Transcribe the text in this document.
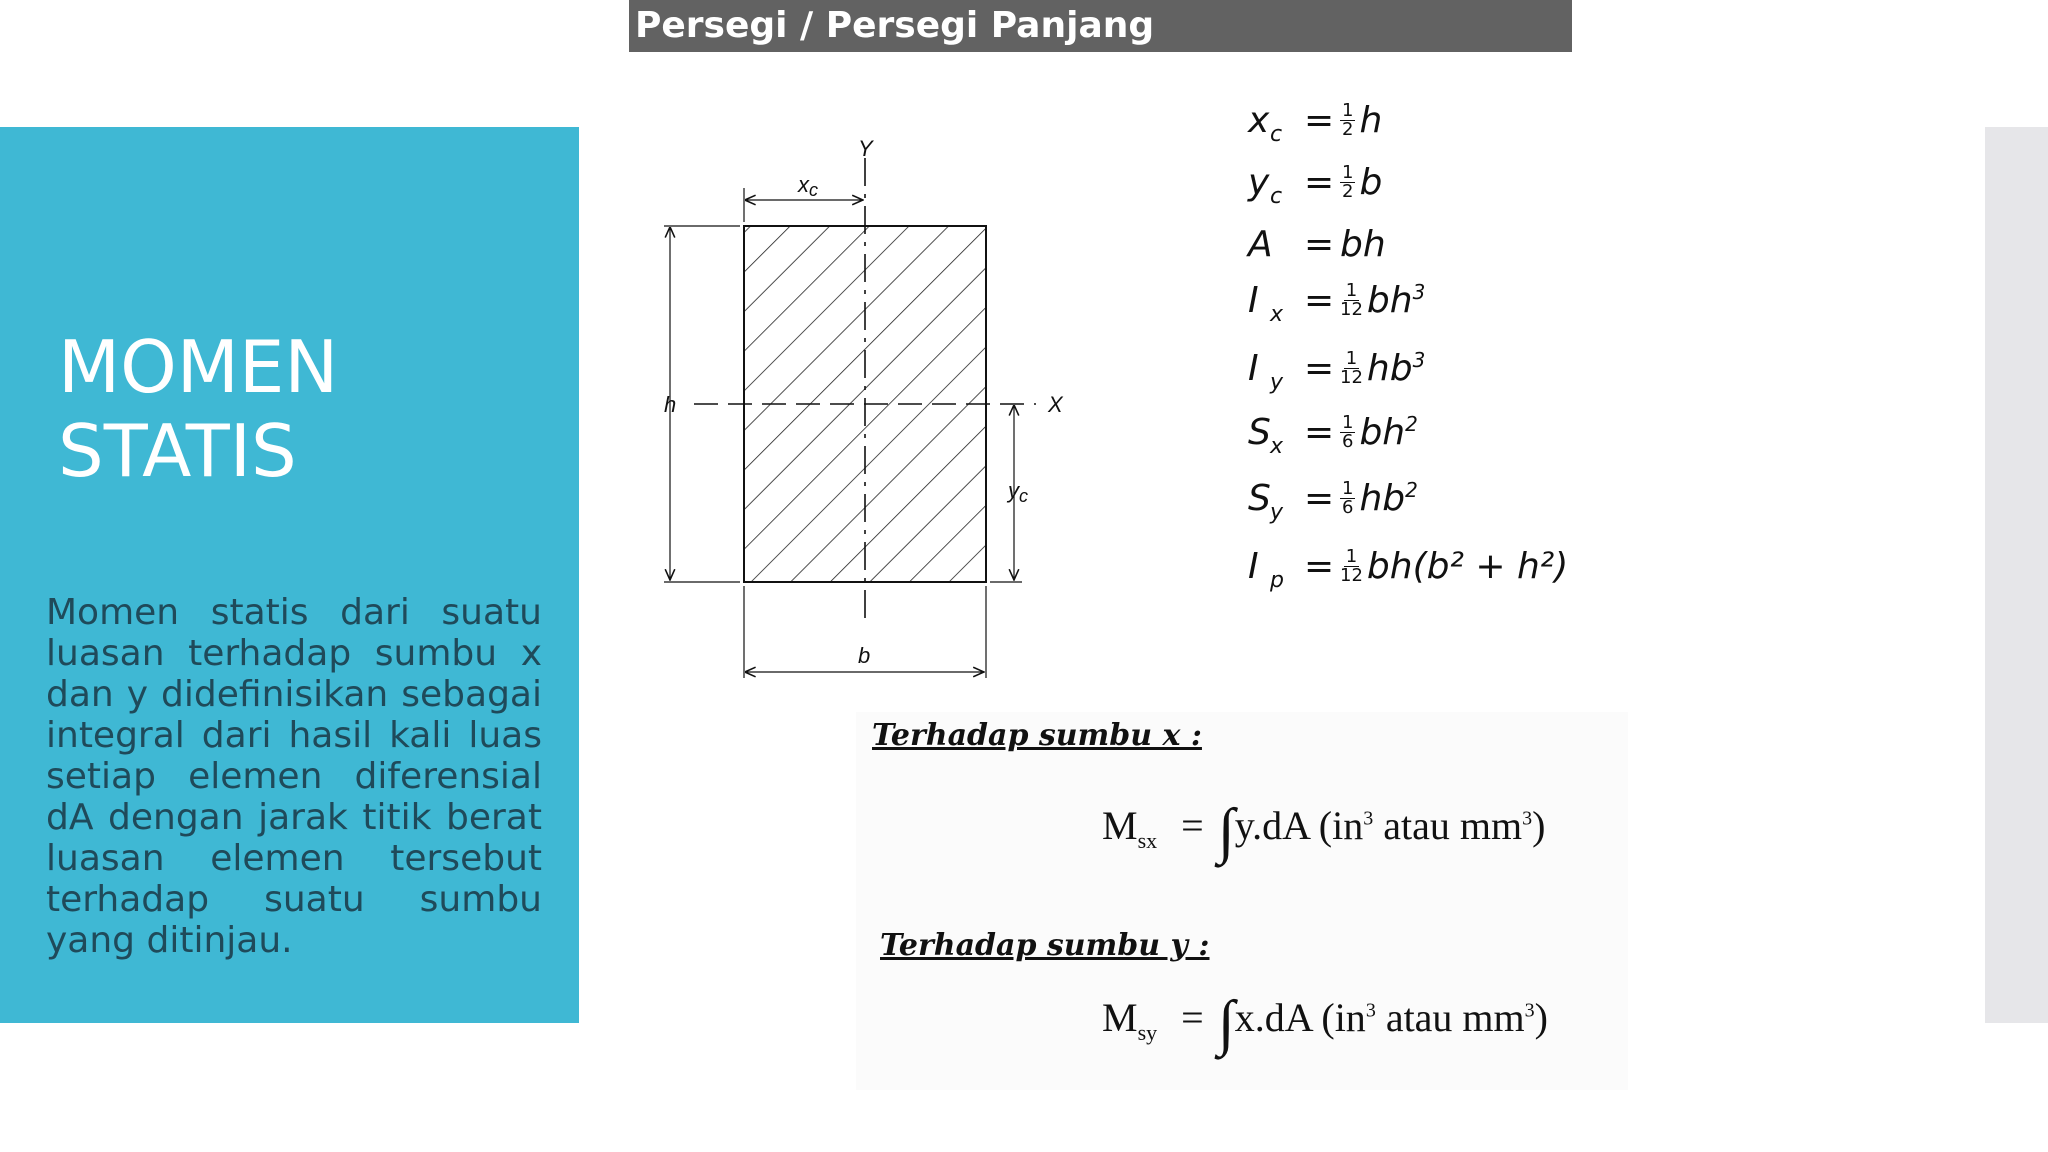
MOMEN
STATIS
Momen statis dari suatu luasan terhadap sumbu x dan y didefinisikan sebagai integral dari hasil kali luas setiap elemen diferensial dA dengan jarak titik berat luasan elemen tersebut terhadap suatu sumbu yang ditinjau.
Persegi / Persegi Panjang
Y
X
xc
h
yc
b
x $c = \frac{1}{2}$ h
y $c = \frac{1}{2}$ b
A = bh
I $x = \frac{1}{12} bh^3$
I $y = \frac{1}{12} hb^3$
S $x = \frac{1}{6} bh^2$
S $y = \frac{1}{6} hb^2$
I $p = \frac{1}{12} bh(b^2 + h^2)$
Terhadap sumbu x :
$M_{sx} = \int y.dA$ ($in^3$ atau $mm^3$)
Terhadap sumbu y :
$M_{sy} = \int x.dA$ ($in^3$ atau $mm^3$)
